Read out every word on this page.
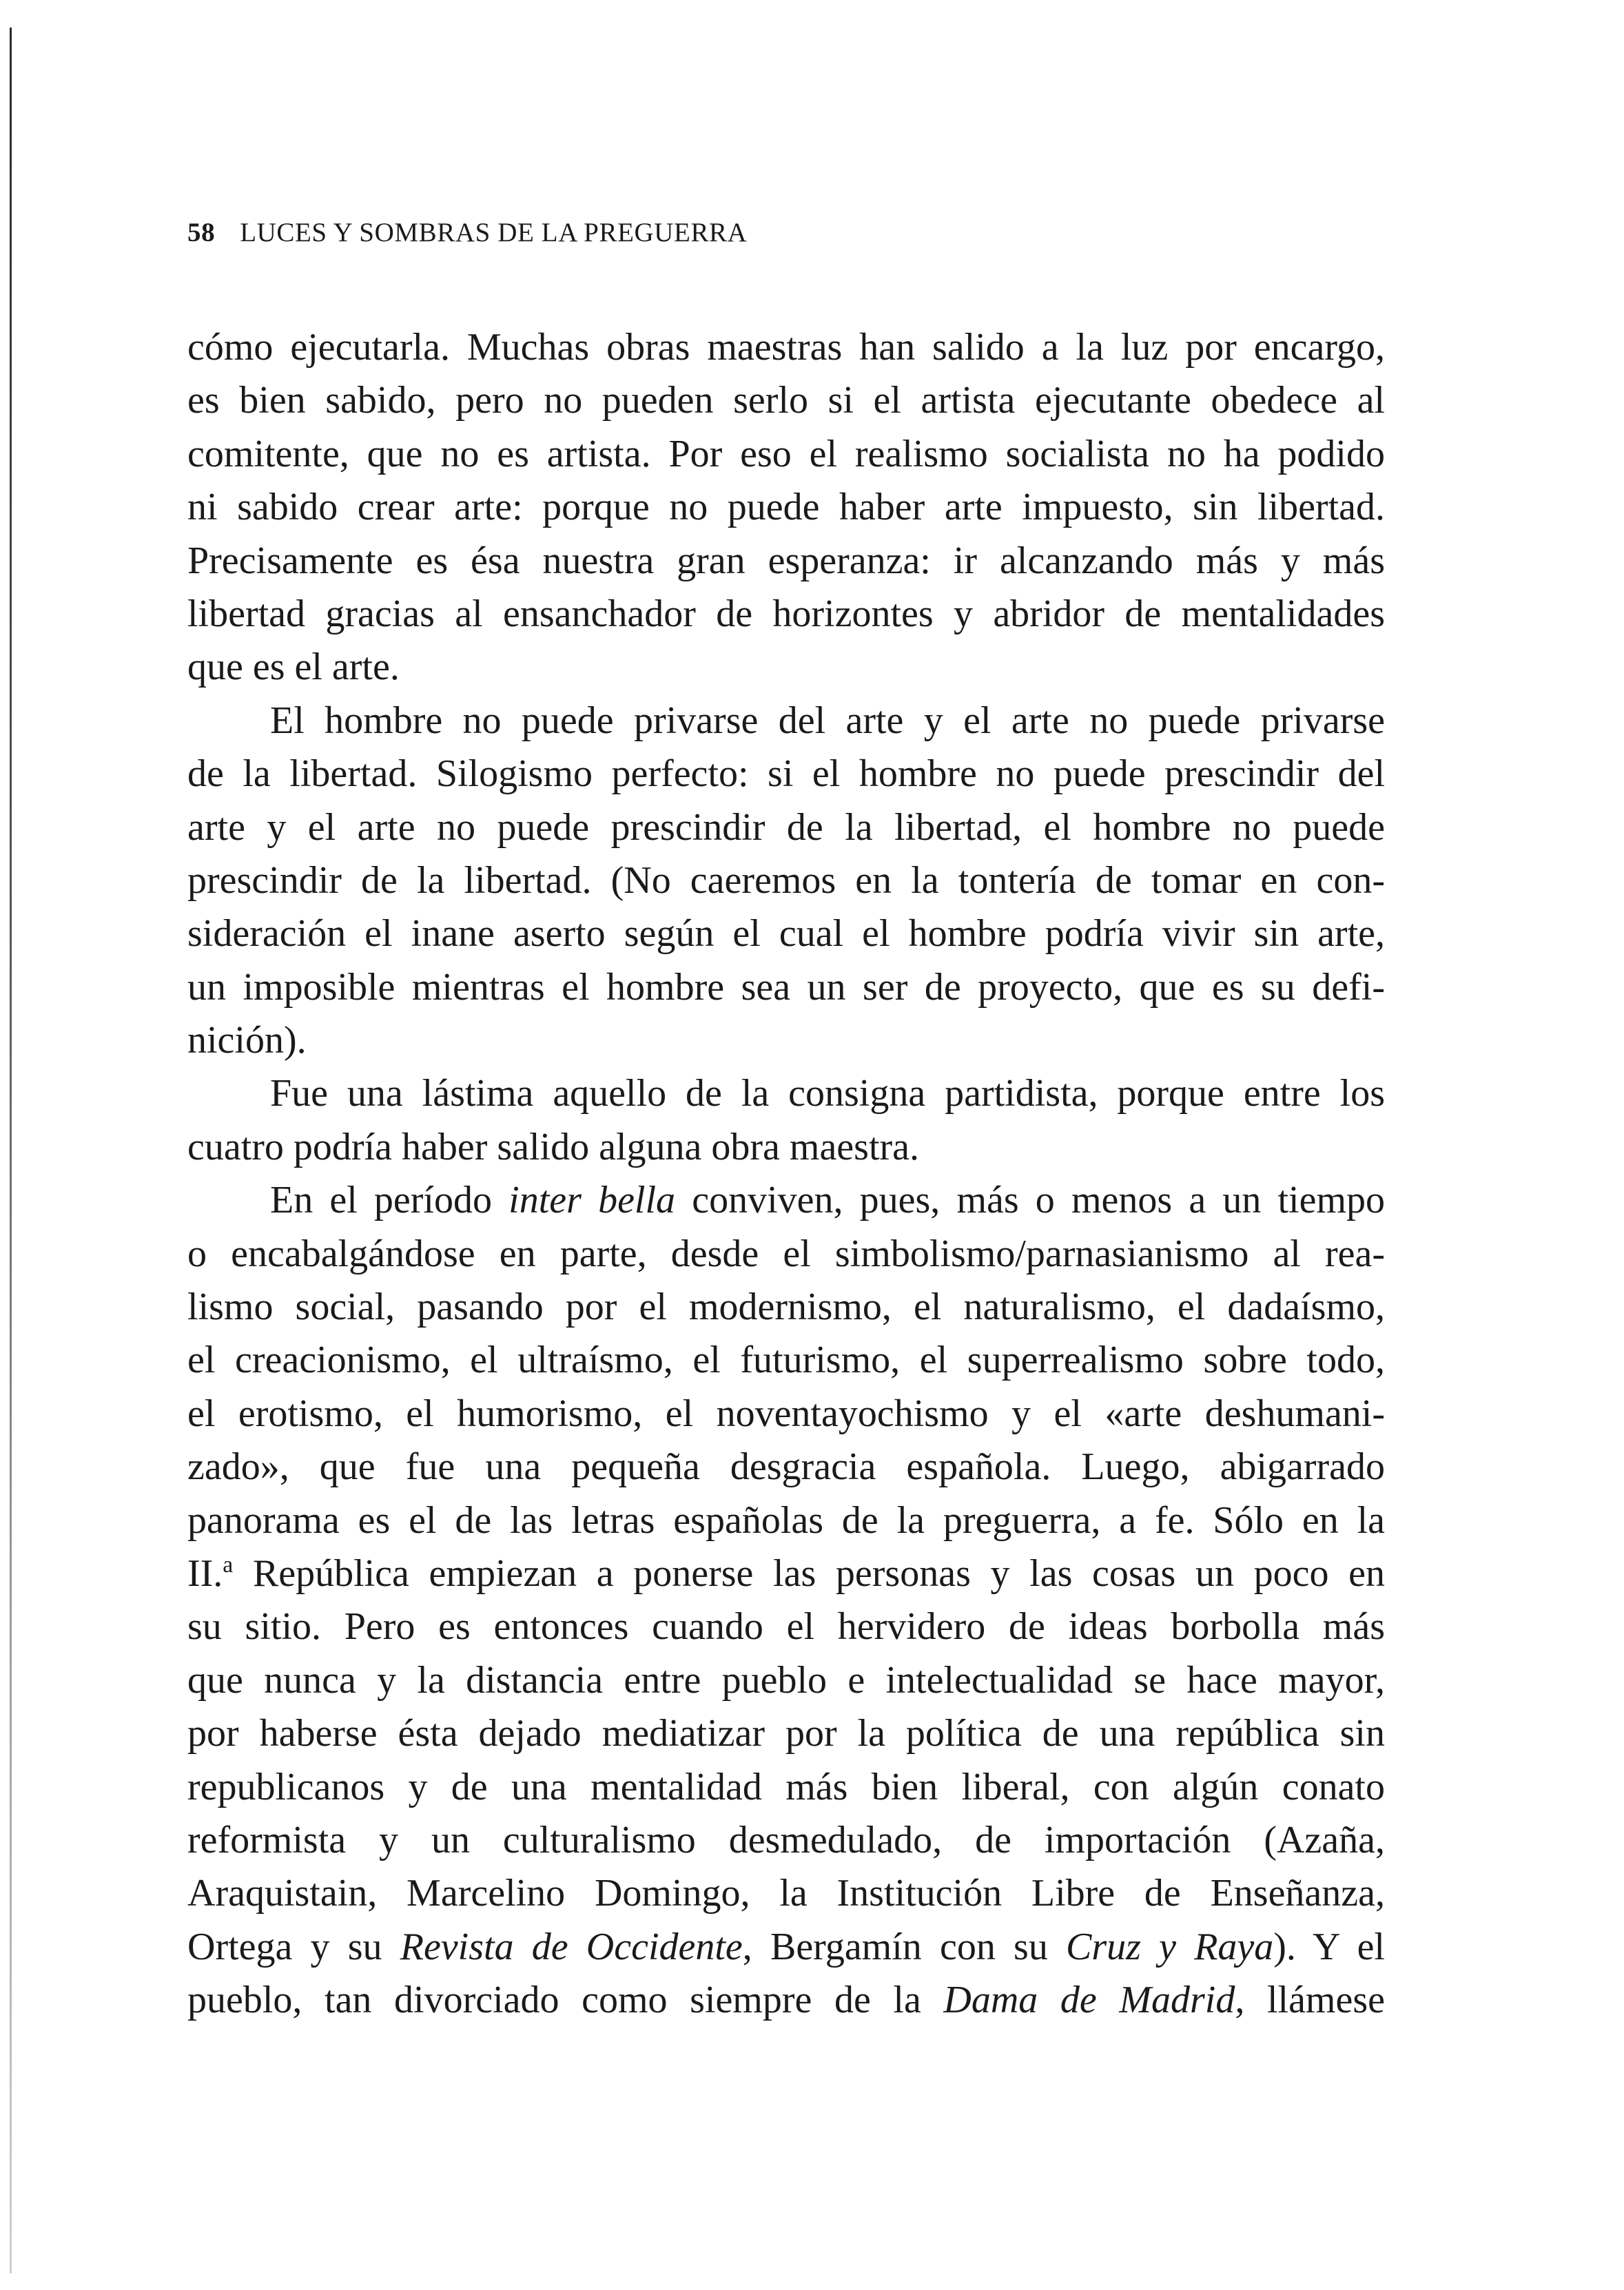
58 LUCES Y SOMBRAS DE LA PREGUERRA
cómo ejecutarla. Muchas obras maestras han salido a la luz por encargo,
es bien sabido, pero no pueden serlo si el artista ejecutante obedece al
comitente, que no es artista. Por eso el realismo socialista no ha podido
ni sabido crear arte: porque no puede haber arte impuesto, sin libertad.
Precisamente es ésa nuestra gran esperanza: ir alcanzando más y más
libertad gracias al ensanchador de horizontes y abridor de mentalidades
que es el arte.
El hombre no puede privarse del arte y el arte no puede privarse
de la libertad. Silogismo perfecto: si el hombre no puede prescindir del
arte y el arte no puede prescindir de la libertad, el hombre no puede
prescindir de la libertad. (No caeremos en la tontería de tomar en con-
sideración el inane aserto según el cual el hombre podría vivir sin arte,
un imposible mientras el hombre sea un ser de proyecto, que es su defi-
nición).
Fue una lástima aquello de la consigna partidista, porque entre los
cuatro podría haber salido alguna obra maestra.
En el período inter bella conviven, pues, más o menos a un tiempo
o encabalgándose en parte, desde el simbolismo/parnasianismo al rea-
lismo social, pasando por el modernismo, el naturalismo, el dadaísmo,
el creacionismo, el ultraísmo, el futurismo, el superrealismo sobre todo,
el erotismo, el humorismo, el noventayochismo y el «arte deshumani-
zado», que fue una pequeña desgracia española. Luego, abigarrado
panorama es el de las letras españolas de la preguerra, a fe. Sólo en la
II.$^a$ República empiezan a ponerse las personas y las cosas un poco en
su sitio. Pero es entonces cuando el hervidero de ideas borbolla más
que nunca y la distancia entre pueblo e intelectualidad se hace mayor,
por haberse ésta dejado mediatizar por la política de una república sin
republicanos y de una mentalidad más bien liberal, con algún conato
reformista y un culturalismo desmedulado, de importación (Azaña,
Araquistain, Marcelino Domingo, la Institución Libre de Enseñanza,
Ortega y su Revista de Occidente, Bergamín con su Cruz y Raya). Y el
pueblo, tan divorciado como siempre de la Dama de Madrid, llámese
